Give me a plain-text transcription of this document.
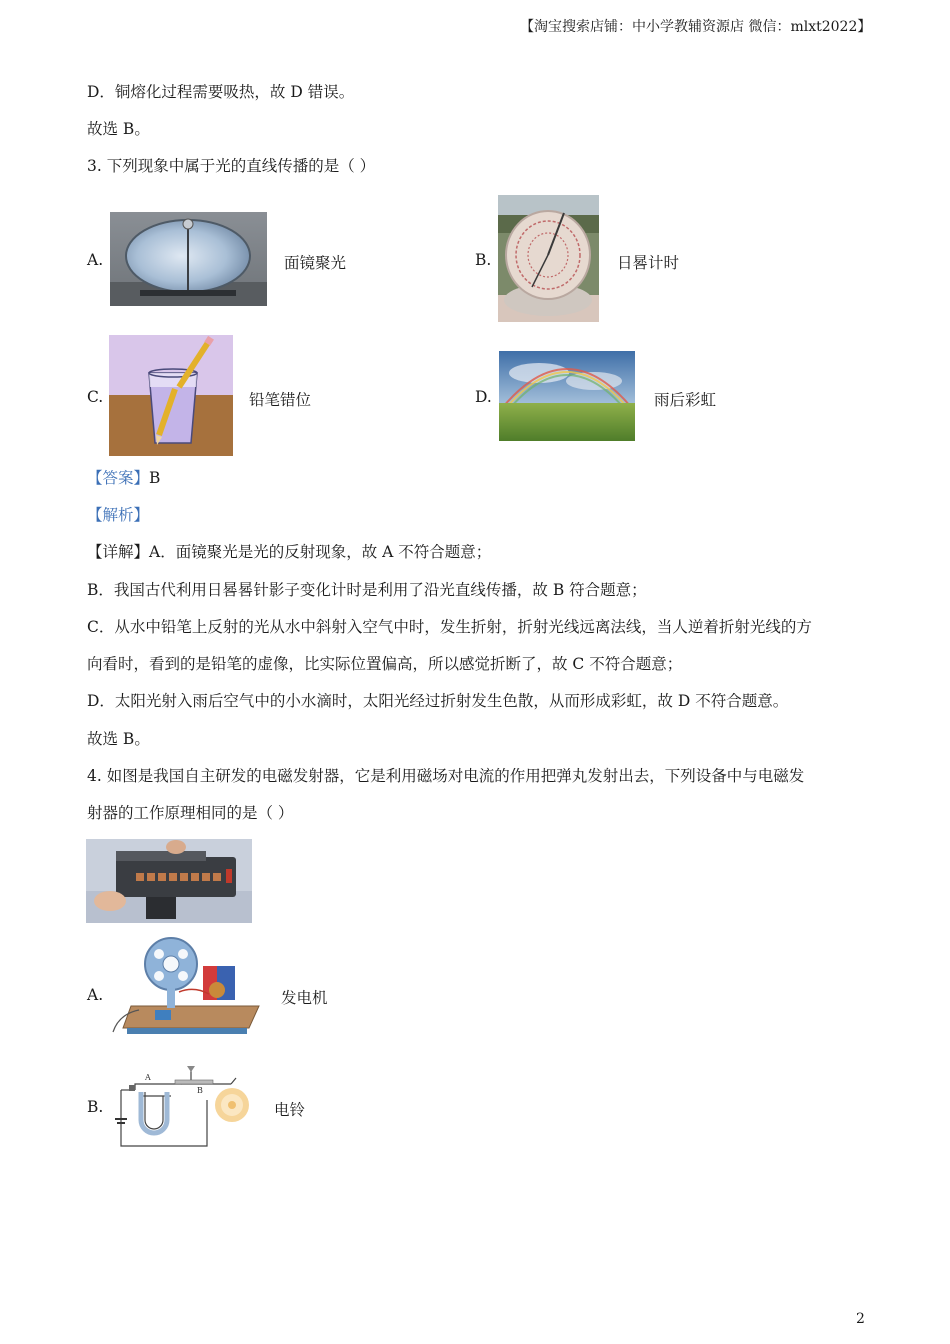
【淘宝搜索店铺：中小学教辅资源店 微信：mlxt2022】
D．铜熔化过程需要吸热，故 D 错误。
故选 B。
3. 下列现象中属于光的直线传播的是（ ）
A.	面镜聚光	B.	日晷计时
C.	铅笔错位	D.	雨后彩虹
【答案】B
【解析】
【详解】A．面镜聚光是光的反射现象，故 A 不符合题意；
B．我国古代利用日晷晷针影子变化计时是利用了沿光直线传播，故 B 符合题意；
C．从水中铅笔上反射的光从水中斜射入空气中时，发生折射，折射光线远离法线，当人逆着折射光线的方
向看时，看到的是铅笔的虚像，比实际位置偏高，所以感觉折断了，故 C 不符合题意；
D．太阳光射入雨后空气中的小水滴时，太阳光经过折射发生色散，从而形成彩虹，故 D 不符合题意。
故选 B。
4. 如图是我国自主研发的电磁发射器，它是利用磁场对电流的作用把弹丸发射出去，下列设备中与电磁发
射器的工作原理相同的是（ ）
A.	发电机
B.
A
B
电铃
2
